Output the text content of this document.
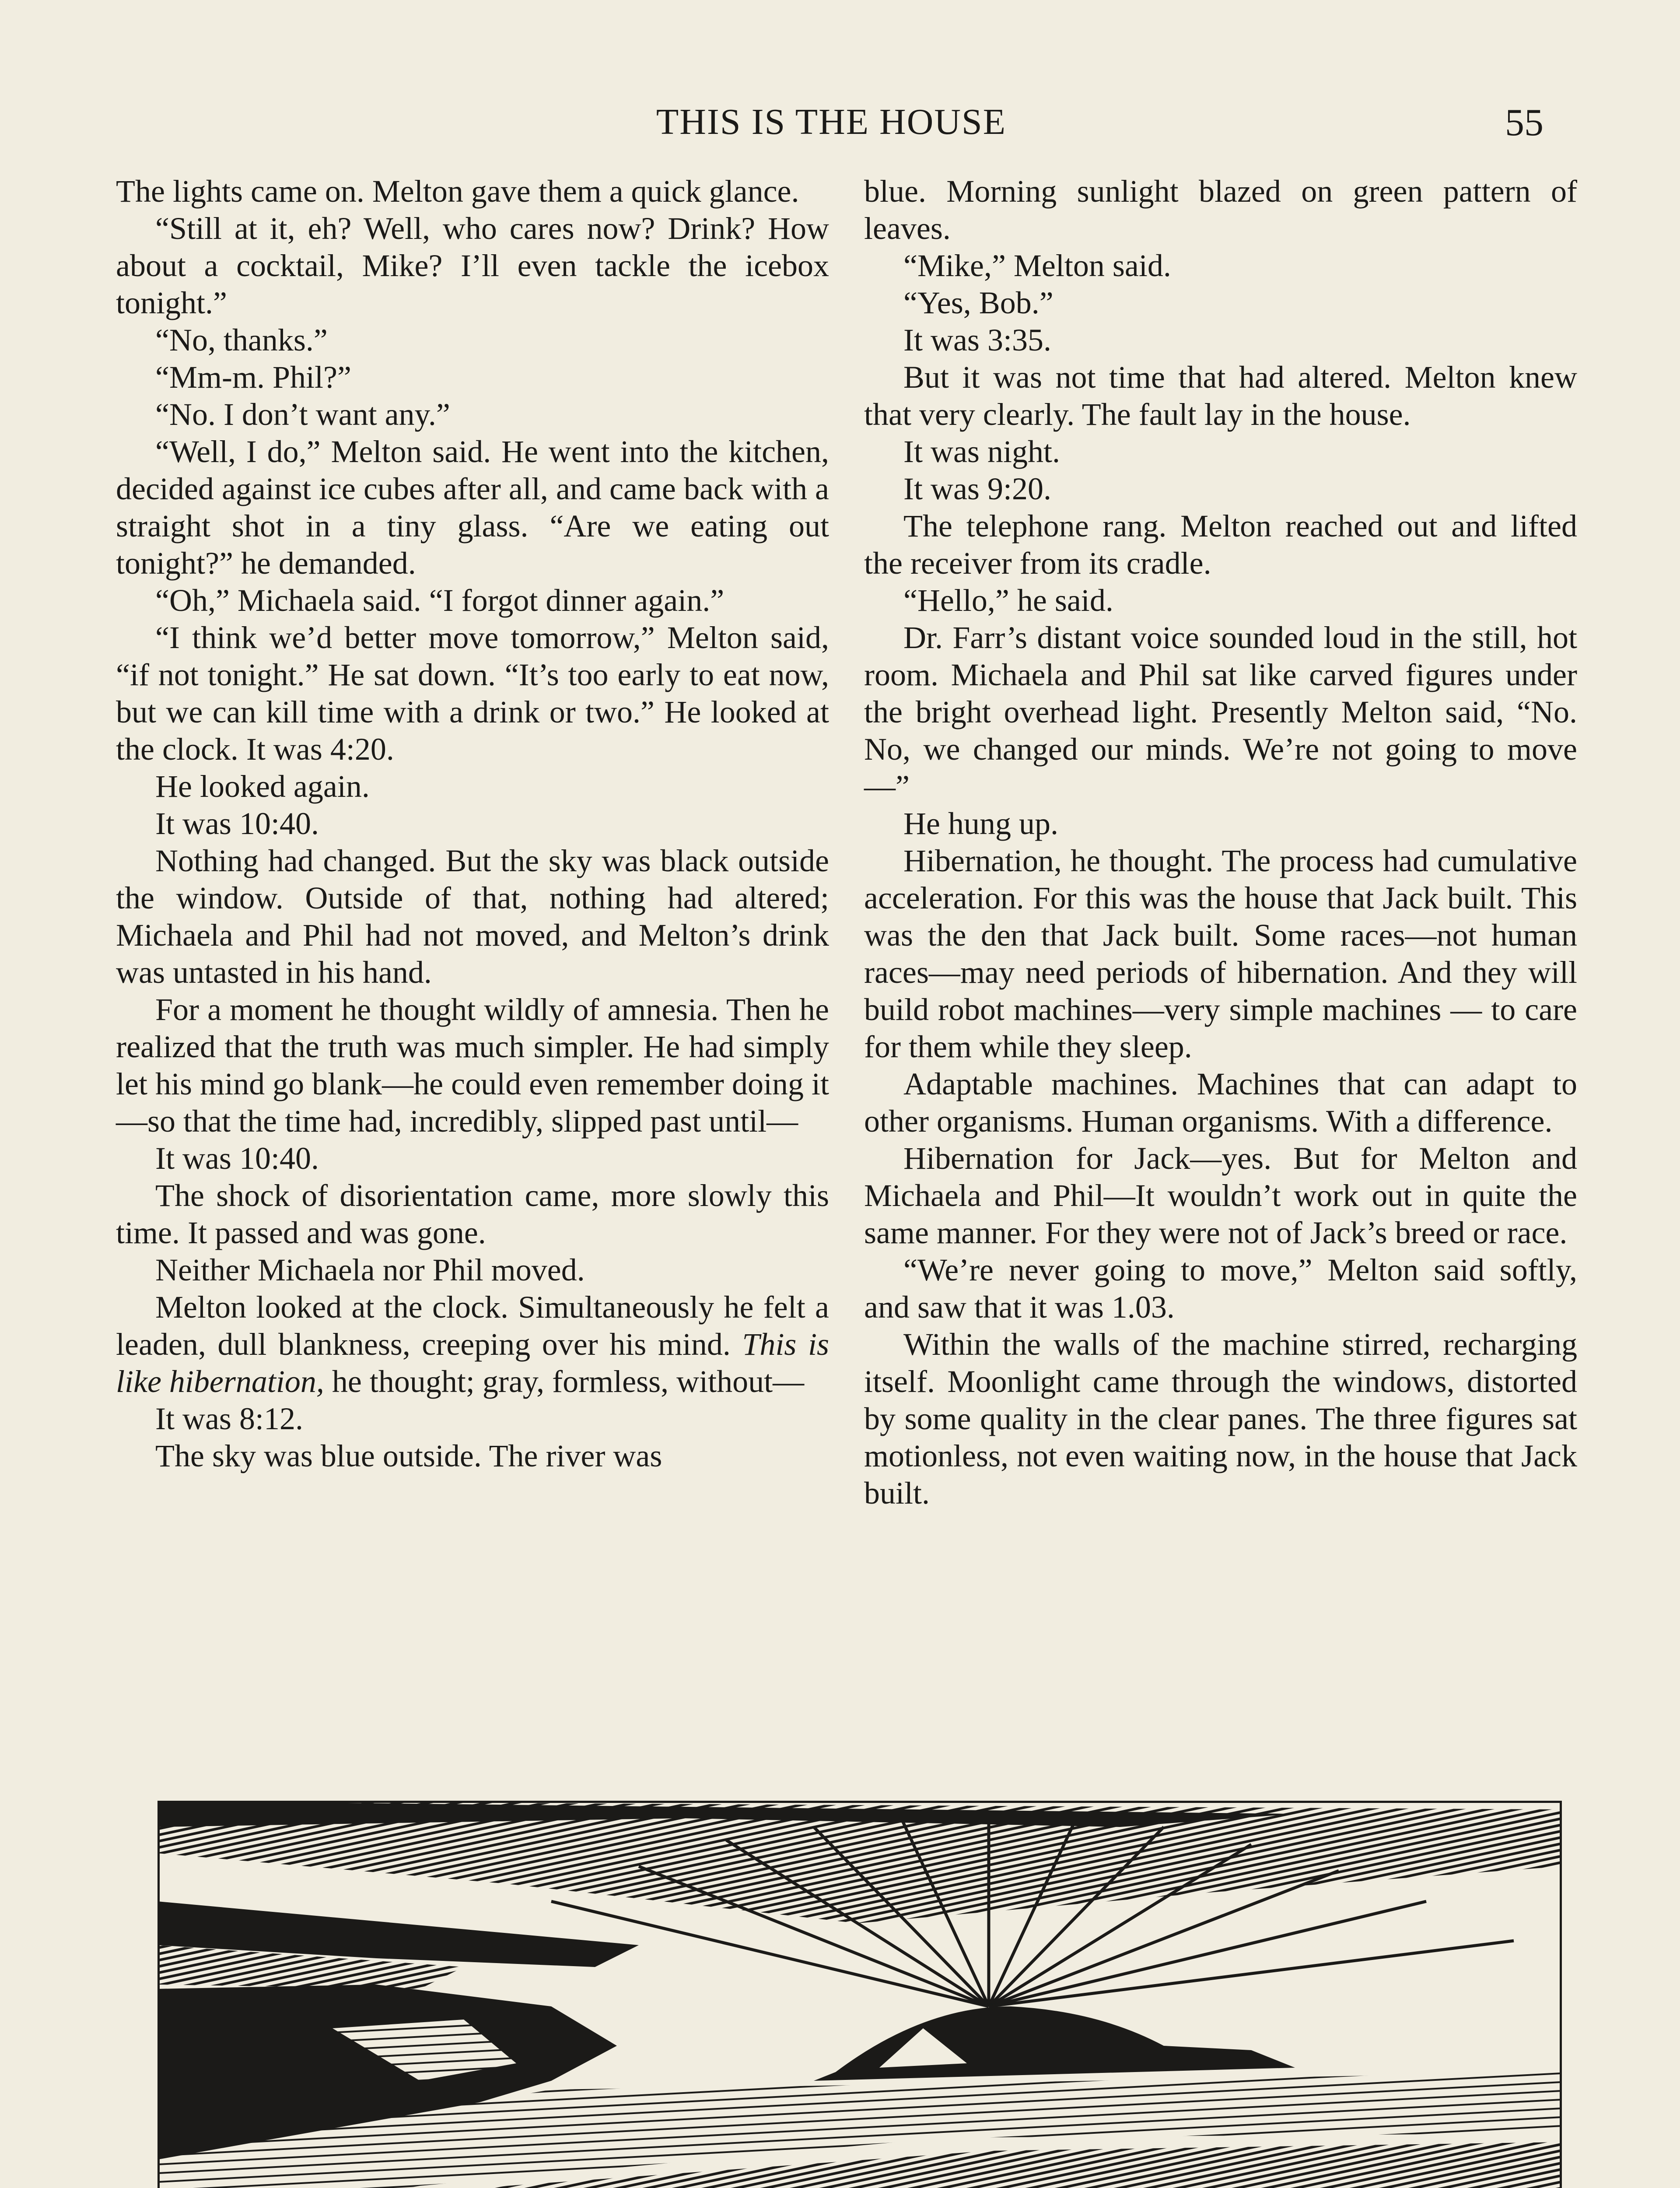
THIS IS THE HOUSE	55

The lights came on. Melton gave them a quick glance.

“Still at it, eh? Well, who cares now? Drink? How about a cocktail, Mike? I’ll even tackle the icebox tonight.”

“No, thanks.”

“Mm-m. Phil?”

“No. I don’t want any.”

“Well, I do,” Melton said. He went into the kitchen, decided against ice cubes after all, and came back with a straight shot in a tiny glass. “Are we eating out tonight?” he demanded.

“Oh,” Michaela said. “I forgot dinner again.”

“I think we’d better move tomorrow,” Melton said, “if not tonight.” He sat down. “It’s too early to eat now, but we can kill time with a drink or two.” He looked at the clock. It was 4:20.

He looked again.

It was 10:40.

Nothing had changed. But the sky was black outside the window. Outside of that, nothing had altered; Michaela and Phil had not moved, and Melton’s drink was untasted in his hand.

For a moment he thought wildly of amnesia. Then he realized that the truth was much simpler. He had simply let his mind go blank—he could even remember doing it —so that the time had, incredibly, slipped past until—

It was 10:40.

The shock of disorientation came, more slowly this time. It passed and was gone.

Neither Michaela nor Phil moved.

Melton looked at the clock. Simultaneously he felt a leaden, dull blankness, creeping over his mind. This is like hibernation, he thought; gray, formless, without—

It was 8:12.

The sky was blue outside. The river was

blue. Morning sunlight blazed on green pattern of leaves.

“Mike,” Melton said.

“Yes, Bob.”

It was 3:35.

But it was not time that had altered. Melton knew that very clearly. The fault lay in the house.

It was night.

It was 9:20.

The telephone rang. Melton reached out and lifted the receiver from its cradle.

“Hello,” he said.

Dr. Farr’s distant voice sounded loud in the still, hot room. Michaela and Phil sat like carved figures under the bright overhead light. Presently Melton said, “No. No, we changed our minds. We’re not going to move—”

He hung up.

Hibernation, he thought. The process had cumulative acceleration. For this was the house that Jack built. This was the den that Jack built. Some races—not human races—may need periods of hibernation. And they will build robot machines—very simple machines — to care for them while they sleep.

Adaptable machines. Machines that can adapt to other organisms. Human organisms. With a difference.

Hibernation for Jack—yes. But for Melton and Michaela and Phil—It wouldn’t work out in quite the same manner. For they were not of Jack’s breed or race.

“We’re never going to move,” Melton said softly, and saw that it was 1.03.

Within the walls of the machine stirred, recharging itself. Moonlight came through the windows, distorted by some quality in the clear panes. The three figures sat motionless, not even waiting now, in the house that Jack built.
